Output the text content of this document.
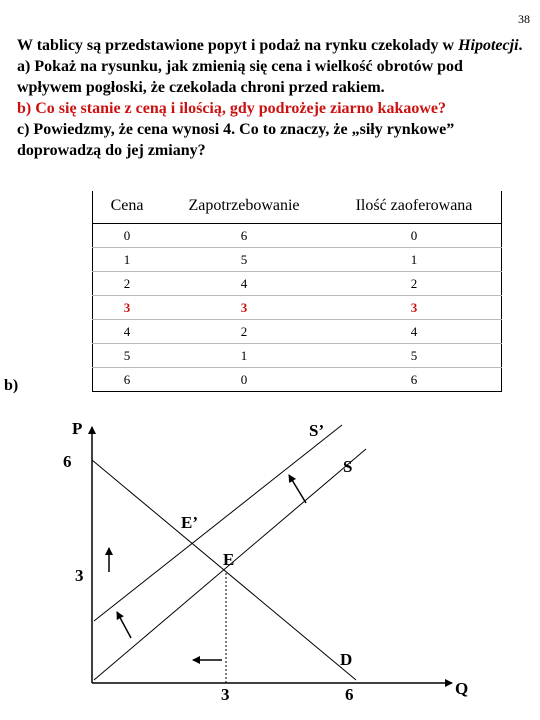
38

W tablicy są przedstawione popyt i podaż na rynku czekolady w Hipotecji.

a) Pokaż na rysunku, jak zmienią się cena i wielkość obrotów pod wpływem pogłoski, że czekolada chroni przed rakiem.

b) Co się stanie z ceną i ilością, gdy podrożeje ziarno kakaowe?

c) Powiedzmy, że cena wynosi 4. Co to znaczy, że „siły rynkowe” doprowadzą do jej zmiany?

Cena	Zapotrzebowanie	Ilość zaoferowana
0	6	0
1	5	1
2	4	2
3	3	3
4	2	4
5	1	5
6	0	6
b)
P
Q
6
3
3	6
S’
S
D
E
E’
